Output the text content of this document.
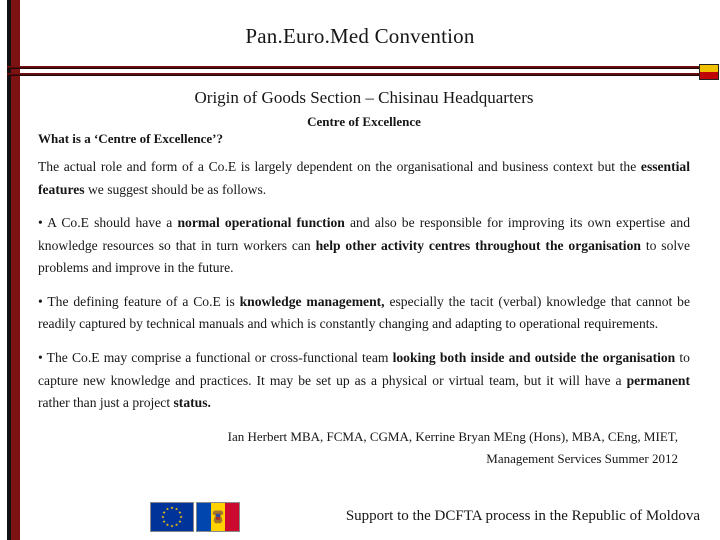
Pan.Euro.Med Convention
Origin of Goods Section – Chisinau Headquarters
Centre of Excellence
What is a ‘Centre of Excellence’?

The actual role and form of a Co.E is largely dependent on the organisational and business context but the essential features we suggest should be as follows.

• A Co.E should have a normal operational function and also be responsible for improving its own expertise and knowledge resources so that in turn workers can help other activity centres throughout the organisation to solve problems and improve in the future.

• The defining feature of a Co.E is knowledge management, especially the tacit (verbal) knowledge that cannot be readily captured by technical manuals and which is constantly changing and adapting to operational requirements.

• The Co.E may comprise a functional or cross-functional team looking both inside and outside the organisation to capture new knowledge and practices. It may be set up as a physical or virtual team, but it will have a permanent rather than just a project status.

Ian Herbert MBA, FCMA, CGMA, Kerrine Bryan MEng (Hons), MBA, CEng, MIET,
Management Services Summer 2012
Support to the DCFTA process in the Republic of Moldova
